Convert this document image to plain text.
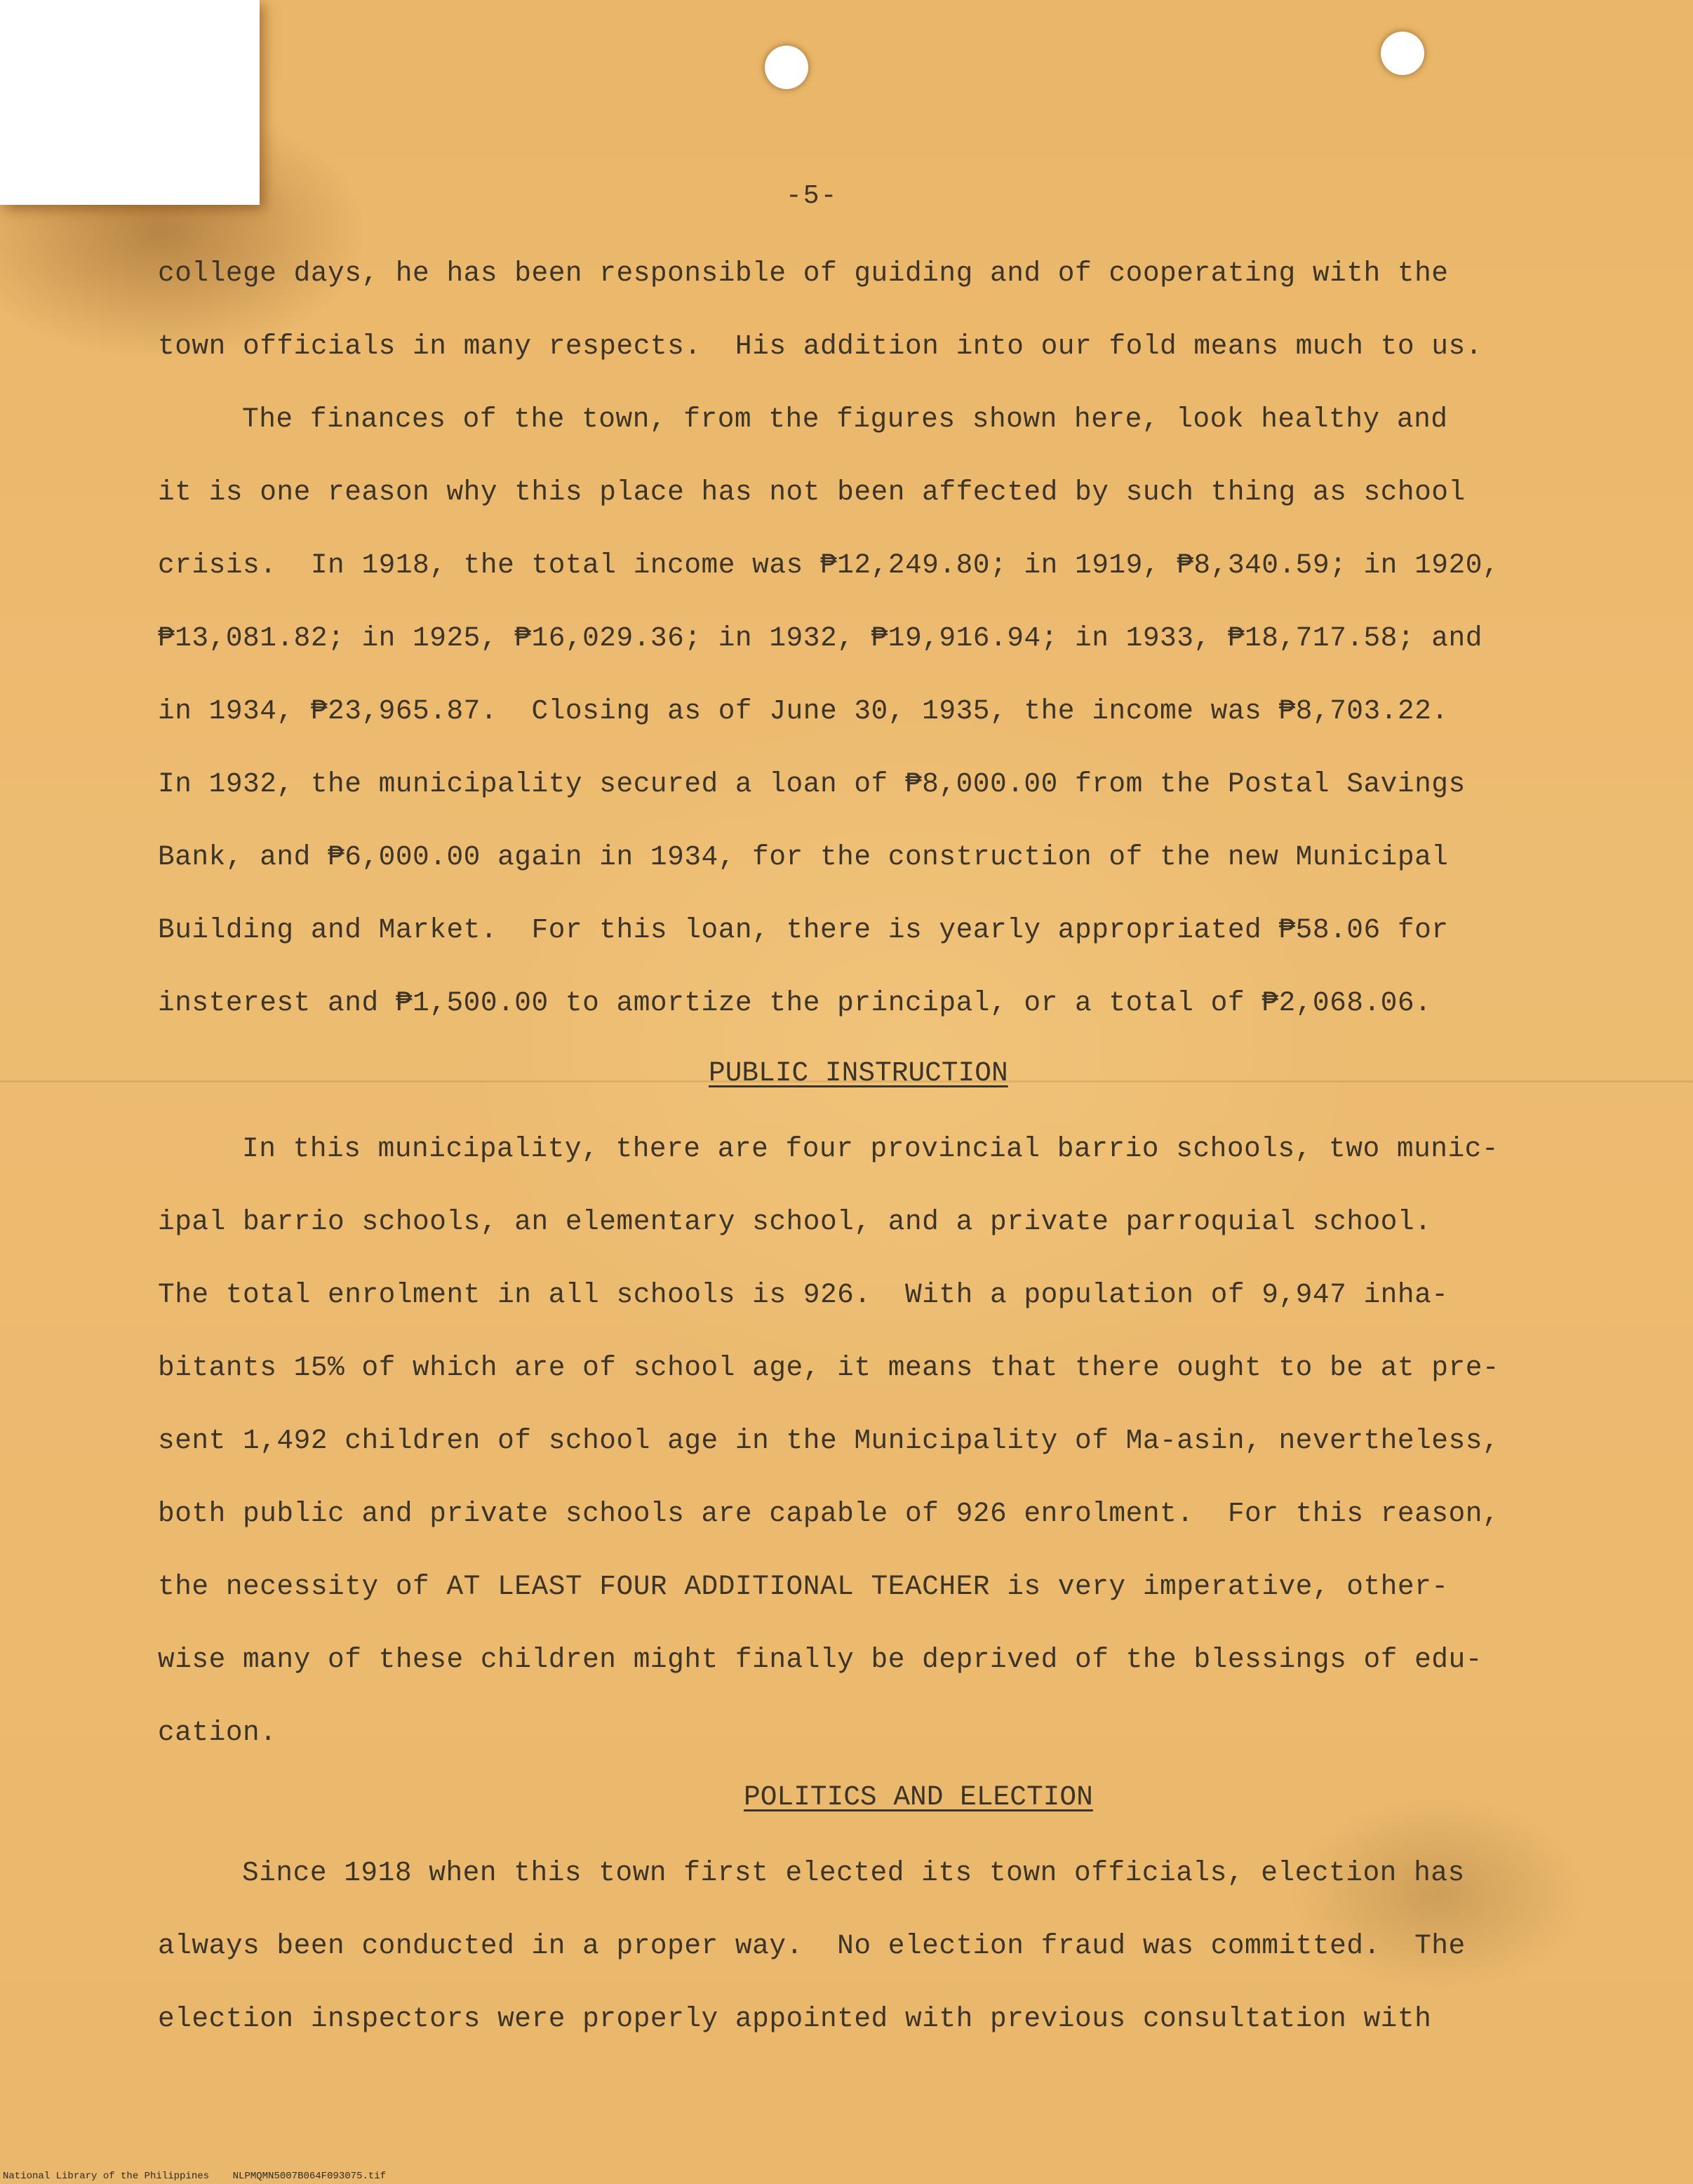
-5-
college days, he has been responsible of guiding and of cooperating with the
town officials in many respects.  His addition into our fold means much to us.
The finances of the town, from the figures shown here, look healthy and
it is one reason why this place has not been affected by such thing as school
crisis.  In 1918, the total income was ₱12,249.80; in 1919, ₱8,340.59; in 1920,
₱13,081.82; in 1925, ₱16,029.36; in 1932, ₱19,916.94; in 1933, ₱18,717.58; and
in 1934, ₱23,965.87.  Closing as of June 30, 1935, the income was ₱8,703.22.
In 1932, the municipality secured a loan of ₱8,000.00 from the Postal Savings
Bank, and ₱6,000.00 again in 1934, for the construction of the new Municipal
Building and Market.  For this loan, there is yearly appropriated ₱58.06 for
insterest and ₱1,500.00 to amortize the principal, or a total of ₱2,068.06.
PUBLIC INSTRUCTION
In this municipality, there are four provincial barrio schools, two munic-
ipal barrio schools, an elementary school, and a private parroquial school.
The total enrolment in all schools is 926.  With a population of 9,947 inha-
bitants 15% of which are of school age, it means that there ought to be at pre-
sent 1,492 children of school age in the Municipality of Ma-asin, nevertheless,
both public and private schools are capable of 926 enrolment.  For this reason,
the necessity of AT LEAST FOUR ADDITIONAL TEACHER is very imperative, other-
wise many of these children might finally be deprived of the blessings of edu-
cation.
POLITICS AND ELECTION
Since 1918 when this town first elected its town officials, election has
always been conducted in a proper way.  No election fraud was committed.  The
election inspectors were properly appointed with previous consultation with
National Library of the Philippines    NLPMQMN5007B064F093075.tif
